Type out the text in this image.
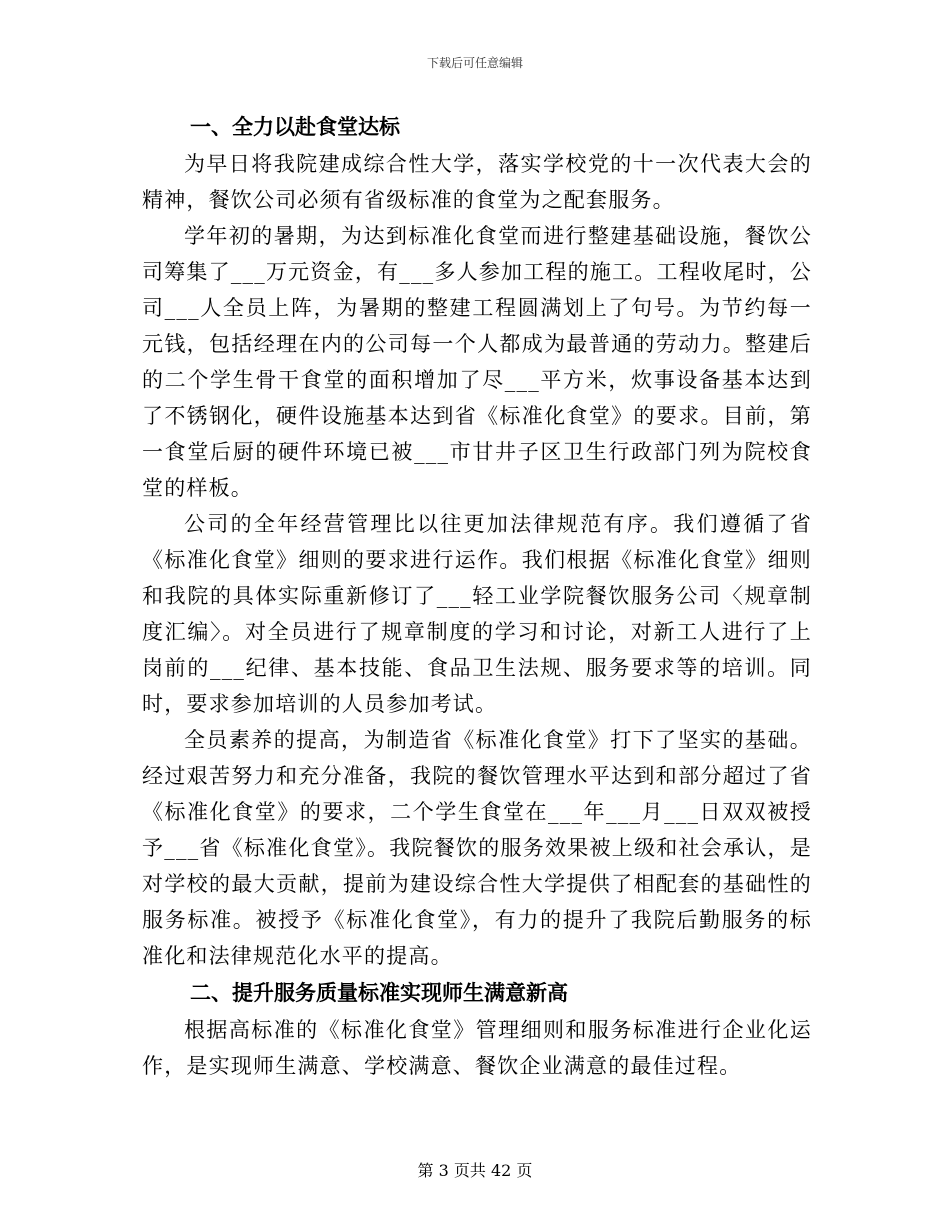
下载后可任意编辑
一、全力以赴食堂达标

为早日将我院建成综合性大学，落实学校党的十一次代表大会的精神，餐饮公司必须有省级标准的食堂为之配套服务。

学年初的暑期，为达到标准化食堂而进行整建基础设施，餐饮公司筹集了___万元资金，有___多人参加工程的施工。工程收尾时，公司___人全员上阵，为暑期的整建工程圆满划上了句号。为节约每一元钱，包括经理在内的公司每一个人都成为最普通的劳动力。整建后的二个学生骨干食堂的面积增加了尽___平方米，炊事设备基本达到了不锈钢化，硬件设施基本达到省《标准化食堂》的要求。目前，第一食堂后厨的硬件环境已被___市甘井子区卫生行政部门列为院校食堂的样板。

公司的全年经营管理比以往更加法律规范有序。我们遵循了省《标准化食堂》细则的要求进行运作。我们根据《标准化食堂》细则和我院的具体实际重新修订了___轻工业学院餐饮服务公司〈规章制度汇编〉。对全员进行了规章制度的学习和讨论，对新工人进行了上岗前的___纪律、基本技能、食品卫生法规、服务要求等的培训。同时，要求参加培训的人员参加考试。

全员素养的提高，为制造省《标准化食堂》打下了坚实的基础。经过艰苦努力和充分准备，我院的餐饮管理水平达到和部分超过了省《标准化食堂》的要求，二个学生食堂在___年___月___日双双被授予___省《标准化食堂》。我院餐饮的服务效果被上级和社会承认，是对学校的最大贡献，提前为建设综合性大学提供了相配套的基础性的服务标准。被授予《标准化食堂》，有力的提升了我院后勤服务的标准化和法律规范化水平的提高。

二、提升服务质量标准实现师生满意新高

根据高标准的《标准化食堂》管理细则和服务标准进行企业化运作，是实现师生满意、学校满意、餐饮企业满意的最佳过程。

第 3 页共 42 页
